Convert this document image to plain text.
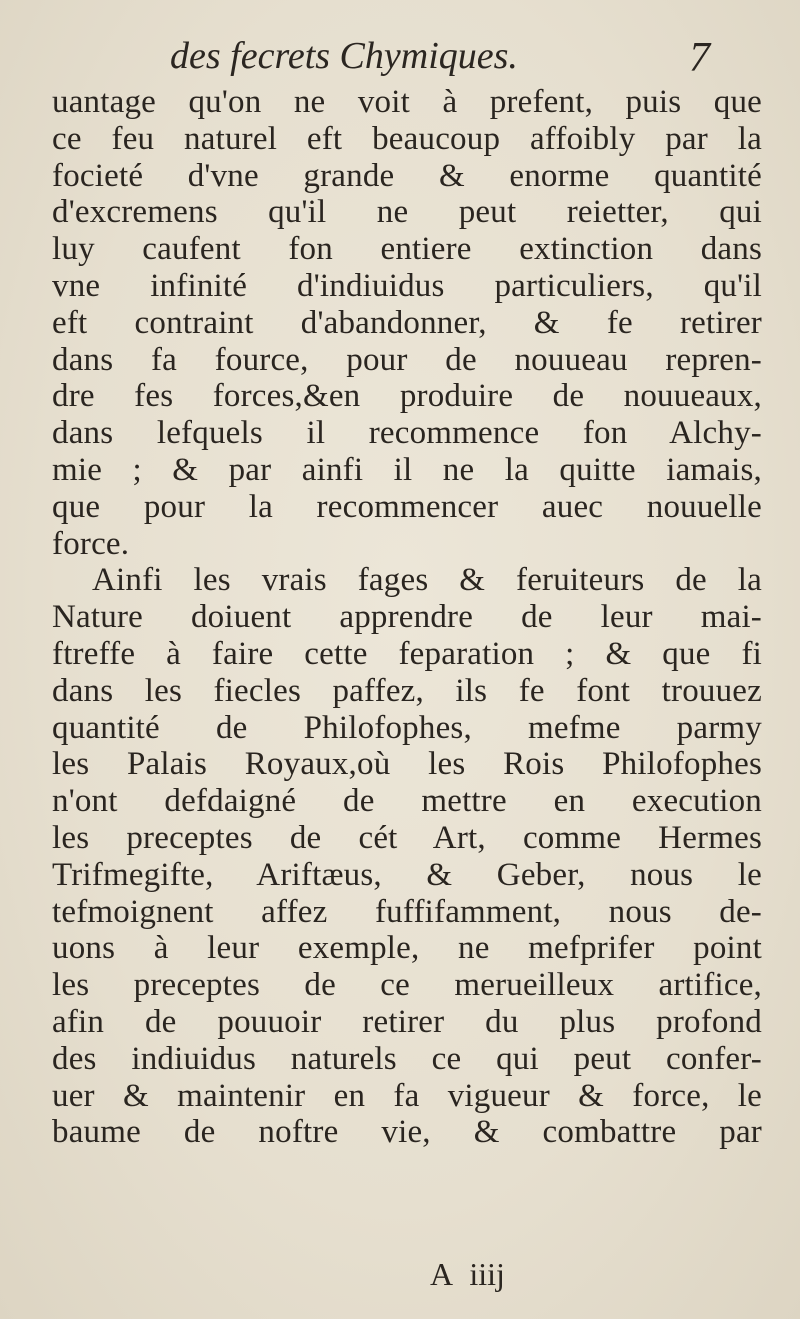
des fecrets Chymiques.	7
uantage qu'on ne voit à prefent, puis que
ce feu naturel eft beaucoup affoibly par la
focieté d'vne grande & enorme quantité
d'excremens qu'il ne peut reietter, qui
luy caufent fon entiere extinction dans
vne infinité d'indiuidus particuliers, qu'il
eft contraint d'abandonner, & fe retirer
dans fa fource, pour de nouueau repren-
dre fes forces,&en produire de nouueaux,
dans lefquels il recommence fon Alchy-
mie ; & par ainfi il ne la quitte iamais,
que pour la recommencer auec nouuelle
force.
Ainfi les vrais fages & feruiteurs de la
Nature doiuent apprendre de leur mai-
ftreffe à faire cette feparation ; & que fi
dans les fiecles paffez, ils fe font trouuez
quantité de Philofophes, mefme parmy
les Palais Royaux,où les Rois Philofophes
n'ont defdaigné de mettre en execution
les preceptes de cét Art, comme Hermes
Trifmegifte, Ariftæus, & Geber, nous le
tefmoignent affez fuffifamment, nous de-
uons à leur exemple, ne mefprifer point
les preceptes de ce merueilleux artifice,
afin de pouuoir retirer du plus profond
des indiuidus naturels ce qui peut confer-
uer & maintenir en fa vigueur & force, le
baume de noftre vie, & combattre par
A iiij
